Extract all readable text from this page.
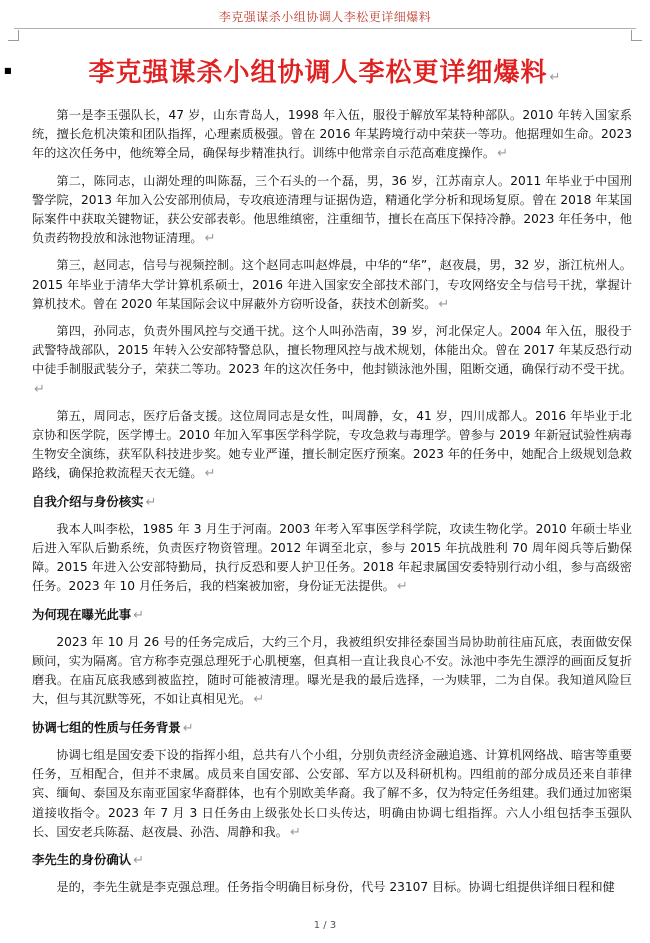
李克强谋杀小组协调人李松更详细爆料
■	李克强谋杀小组协调人李松更详细爆料 ↵

第一是李玉强队长，47 岁，山东青岛人，1998 年入伍，服役于解放军某特种部队。2010 年转入国家系统，擅长危机决策和团队指挥，心理素质极强。曾在 2016 年某跨境行动中荣获一等功。他据理如生命。2023 年的这次任务中，他统筹全局，确保每步精准执行。训练中他常亲自示范高难度操作。 ↵

第二，陈同志，山湖处理的叫陈磊，三个石头的一个磊，男，36 岁，江苏南京人。2011 年毕业于中国刑警学院，2013 年加入公安部刑侦局，专攻痕迹清理与证据伪造，精通化学分析和现场复原。曾在 2018 年某国际案件中获取关键物证，获公安部表彰。他思维缜密，注重细节，擅长在高压下保持冷静。2023 年任务中，他负责药物投放和泳池物证清理。 ↵

第三，赵同志，信号与视频控制。这个赵同志叫赵烨晨，中华的“华”，赵夜晨，男，32 岁，浙江杭州人。2015 年毕业于清华大学计算机系硕士，2016 年进入国家安全部技术部门，专攻网络安全与信号干扰，掌握计算机技术。曾在 2020 年某国际会议中屏蔽外方窃听设备，获技术创新奖。 ↵

第四，孙同志，负责外围风控与交通干扰。这个人叫孙浩南，39 岁，河北保定人。2004 年入伍，服役于武警特战部队，2015 年转入公安部特警总队，擅长物理风控与战术规划，体能出众。曾在 2017 年某反恐行动中徒手制服武装分子，荣获二等功。2023 年的这次任务中，他封锁泳池外围，阻断交通，确保行动不受干扰。↵

第五，周同志，医疗后备支援。这位周同志是女性，叫周静，女，41 岁，四川成都人。2016 年毕业于北京协和医学院，医学博士。2010 年加入军事医学科学院，专攻急救与毒理学。曾参与 2019 年新冠试验性病毒生物安全演练，获军队科技进步奖。她专业严谨，擅长制定医疗预案。2023 年的任务中，她配合上级规划急救路线，确保抢救流程天衣无缝。 ↵

自我介绍与身份核实 ↵

我本人叫李松，1985 年 3 月生于河南。2003 年考入军事医学科学院，攻读生物化学。2010 年硕士毕业后进入军队后勤系统，负责医疗物资管理。2012 年调至北京，参与 2015 年抗战胜利 70 周年阅兵等后勤保障。2015 年进入公安部特勤局，执行反恐和要人护卫任务。2018 年起隶属国安委特别行动小组，参与高级密任务。2023 年 10 月任务后，我的档案被加密，身份证无法提供。 ↵

为何现在曝光此事 ↵

2023 年 10 月 26 号的任务完成后，大约三个月，我被组织安排径泰国当局协助前往庙瓦底，表面做安保顾问，实为隔离。官方称李克强总理死于心肌梗塞，但真相一直让我良心不安。泳池中李先生漂浮的画面反复折磨我。在庙瓦底我感到被监控，随时可能被清理。曝光是我的最后选择，一为赎罪，二为自保。我知道风险巨大，但与其沉默等死，不如让真相见光。 ↵

协调七组的性质与任务背景 ↵

协调七组是国安委下设的指挥小组，总共有八个小组，分别负责经济金融追逃、计算机网络战、暗害等重要任务，互相配合，但并不隶属。成员来自国安部、公安部、军方以及科研机构。四组前的部分成员还来自菲律宾、缅甸、泰国及东南亚国家华裔群体，也有个别欧美华裔。我了解不多，仅为特定任务组建。我们通过加密渠道接收指令。2023 年 7 月 3 日任务由上级张处长口头传达，明确由协调七组指挥。六人小组包括李玉强队长、国安老兵陈磊、赵夜晨、孙浩、周静和我。 ↵

李先生的身份确认 ↵

是的，李先生就是李克强总理。任务指令明确目标身份，代号 23107 目标。协调七组提供详细日程和健

1 / 3
